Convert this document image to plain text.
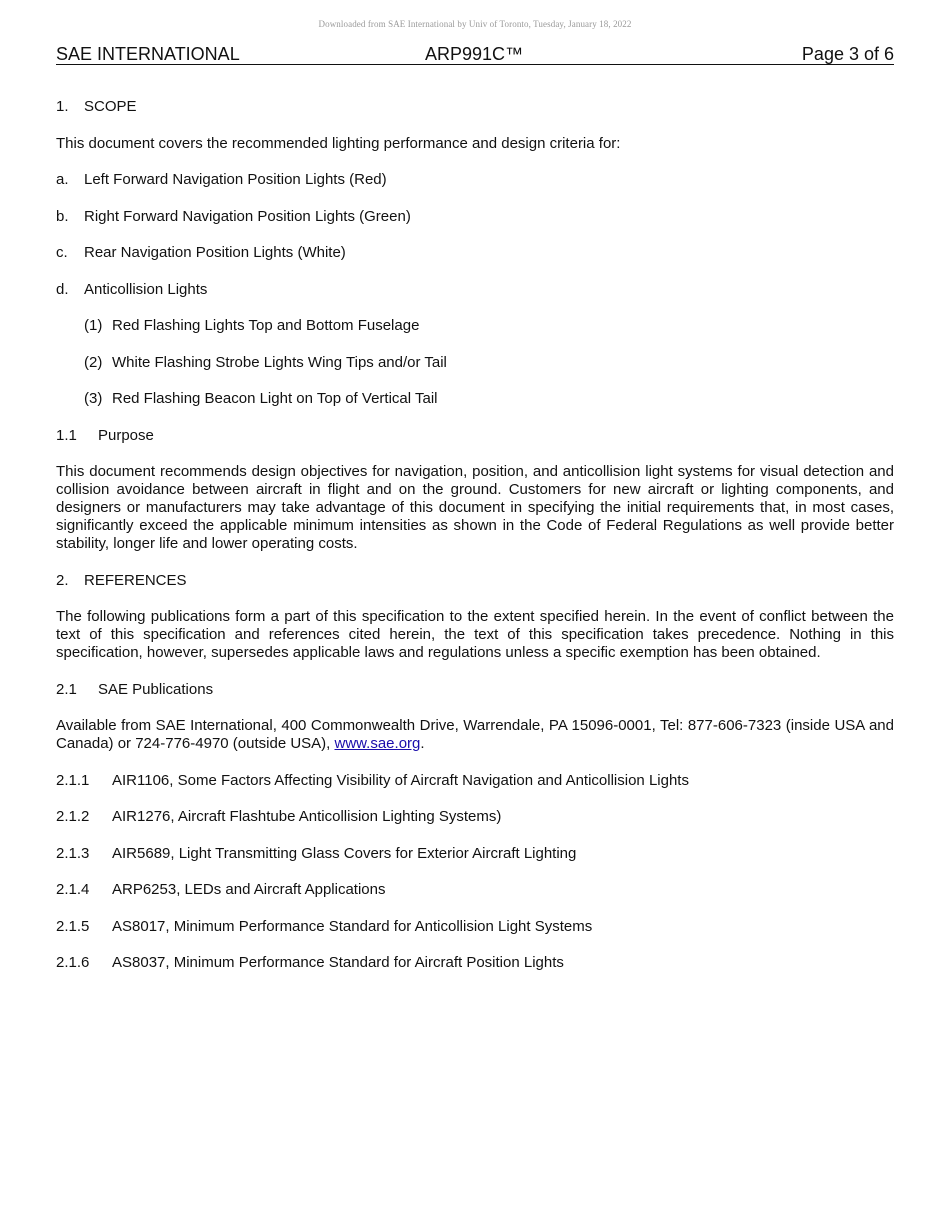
Downloaded from SAE International by Univ of Toronto, Tuesday, January 18, 2022
SAE INTERNATIONAL	ARP991C™	Page 3 of 6
1. SCOPE
This document covers the recommended lighting performance and design criteria for:
a. Left Forward Navigation Position Lights (Red)
b. Right Forward Navigation Position Lights (Green)
c. Rear Navigation Position Lights (White)
d. Anticollision Lights
(1) Red Flashing Lights Top and Bottom Fuselage
(2) White Flashing Strobe Lights Wing Tips and/or Tail
(3) Red Flashing Beacon Light on Top of Vertical Tail
1.1 Purpose
This document recommends design objectives for navigation, position, and anticollision light systems for visual detection and collision avoidance between aircraft in flight and on the ground. Customers for new aircraft or lighting components, and designers or manufacturers may take advantage of this document in specifying the initial requirements that, in most cases, significantly exceed the applicable minimum intensities as shown in the Code of Federal Regulations as well provide better stability, longer life and lower operating costs.
2. REFERENCES
The following publications form a part of this specification to the extent specified herein. In the event of conflict between the text of this specification and references cited herein, the text of this specification takes precedence. Nothing in this specification, however, supersedes applicable laws and regulations unless a specific exemption has been obtained.
2.1 SAE Publications
Available from SAE International, 400 Commonwealth Drive, Warrendale, PA 15096-0001, Tel: 877-606-7323 (inside USA and Canada) or 724-776-4970 (outside USA), www.sae.org.
2.1.1 AIR1106, Some Factors Affecting Visibility of Aircraft Navigation and Anticollision Lights
2.1.2 AIR1276, Aircraft Flashtube Anticollision Lighting Systems)
2.1.3 AIR5689, Light Transmitting Glass Covers for Exterior Aircraft Lighting
2.1.4 ARP6253, LEDs and Aircraft Applications
2.1.5 AS8017, Minimum Performance Standard for Anticollision Light Systems
2.1.6 AS8037, Minimum Performance Standard for Aircraft Position Lights
